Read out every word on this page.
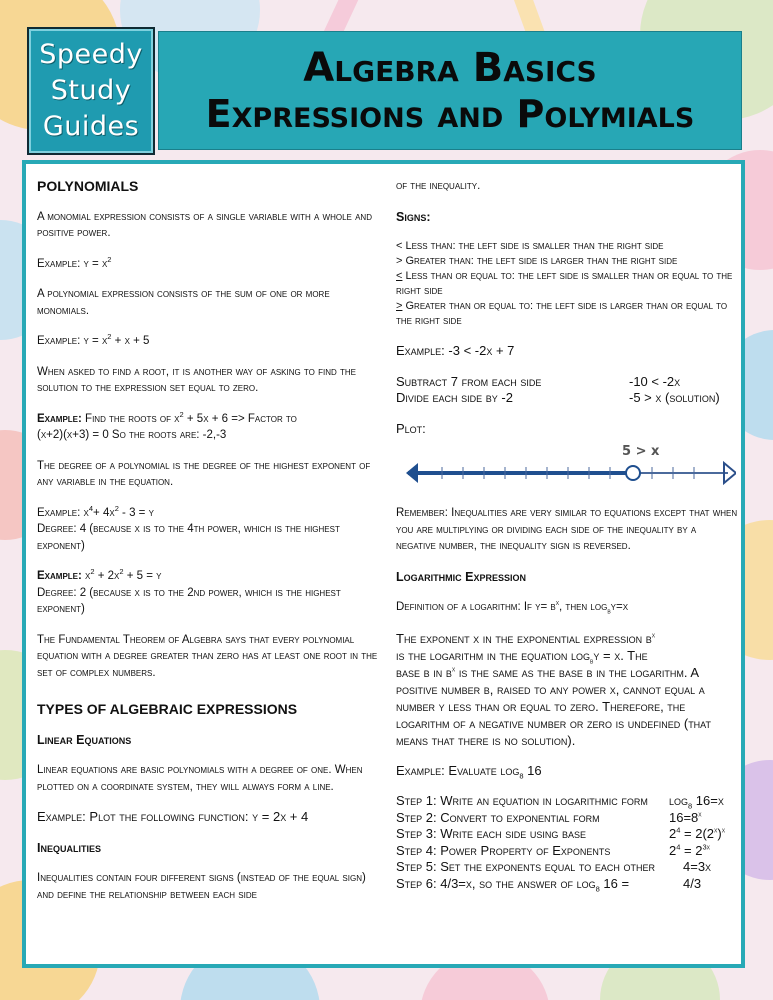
Speedy
Study
Guides
Algebra Basics
Expressions and Polymials

POLYNOMIALS

A monomial expression consists of a single variable with a whole and positive power.

Example: $y = x^2$

A polynomial expression consists of the sum of one or more monomials.

Example: $y = x^2 + x + 5$

When asked to find a root, it is another way of asking to find the solution to the expression set equal to zero.

Example: Find the roots of $x^2 + 5x + 6$ => Factor to
(x+2)(x+3) = 0 So the roots are: -2,-3

The degree of a polynomial is the degree of the highest exponent of any variable in the equation.

Example: $x^4+ 4x^2 - 3 = y$
Degree: 4 (because x is to the 4th power, which is the highest exponent)

Example: $x^2 + 2x^2 + 5 = y$
Degree: 2 (because x is to the 2nd power, which is the highest exponent)

The Fundamental Theorem of Algebra says that every polynomial equation with a degree greater than zero has at least one root in the set of complex numbers.

TYPES OF ALGEBRAIC EXPRESSIONS

Linear Equations

Linear equations are basic polynomials with a degree of one. When plotted on a coordinate system, they will always form a line.

Example: Plot the following function: y = 2x + 4

Inequalities

Inequalities contain four different signs (instead of the equal sign) and define the relationship between each side

of the inequality.

Signs:

< Less than: the left side is smaller than the right side

> Greater than: the left side is larger than the right side

< Less than or equal to: the left side is smaller than or equal to the right side

> Greater than or equal to: the left side is larger than or equal to the right side

Example: -3 < -2x + 7

Subtract 7 from each side	-10 < -2x
Divide each side by -2	-5 > x (solution)

Plot:

5 > x

Remember: Inequalities are very similar to equations except that when you are multiplying or dividing each side of the inequality by a negative number, the inequality sign is reversed.

Logarithmic Expression

Definition of a logarithm: If $y= b^x$, then $\log_by=x$

The exponent x in the exponential expression $b^x$
is the logarithm in the equation $\log_by = x$. The
base b in $b^x$ is the same as the base b in the logarithm. A positive number b, raised to any power x, cannot equal a number y less than or equal to zero. Therefore, the logarithm of a negative number or zero is undefined (that means that there is no solution).

Example: Evaluate $\log_8 16$

Step 1: Write an equation in logarithmic form $\log_8 16=x$
Step 2: Convert to exponential form	$16=8^x$
Step 3: Write each side using base	$2^4 = 2(2^x)^x$
Step 4: Power Property of Exponents	$2^4 = 2^{3x}$
Step 5: Set the exponents equal to each other 4=3x
Step 6: 4/3=x, so the answer of $\log_8 16$ =	4/3
